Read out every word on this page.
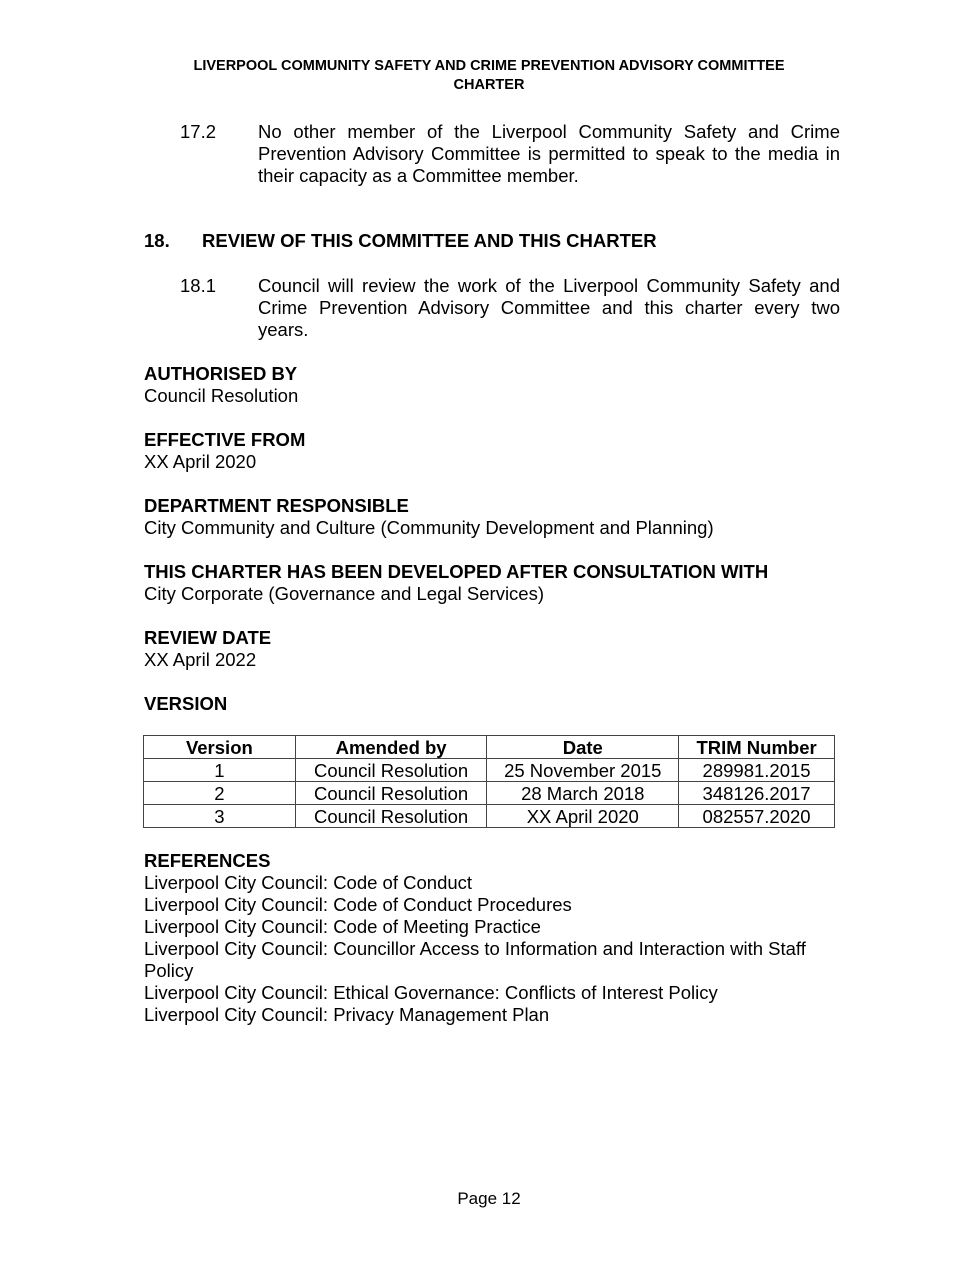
LIVERPOOL COMMUNITY SAFETY AND CRIME PREVENTION ADVISORY COMMITTEE
CHARTER
17.2	No other member of the Liverpool Community Safety and Crime Prevention Advisory Committee is permitted to speak to the media in their capacity as a Committee member.
18. REVIEW OF THIS COMMITTEE AND THIS CHARTER
18.1	Council will review the work of the Liverpool Community Safety and Crime Prevention Advisory Committee and this charter every two years.
AUTHORISED BY
Council Resolution
EFFECTIVE FROM
XX April 2020
DEPARTMENT RESPONSIBLE
City Community and Culture (Community Development and Planning)
THIS CHARTER HAS BEEN DEVELOPED AFTER CONSULTATION WITH
City Corporate (Governance and Legal Services)
REVIEW DATE
XX April 2022
VERSION
Version	Amended by	Date	TRIM Number
1	Council Resolution	25 November 2015	289981.2015
2	Council Resolution	28 March 2018	348126.2017
3	Council Resolution	XX April 2020	082557.2020
REFERENCES
Liverpool City Council: Code of Conduct
Liverpool City Council: Code of Conduct Procedures
Liverpool City Council: Code of Meeting Practice
Liverpool City Council: Councillor Access to Information and Interaction with Staff Policy
Liverpool City Council: Ethical Governance: Conflicts of Interest Policy
Liverpool City Council: Privacy Management Plan
Page 12
